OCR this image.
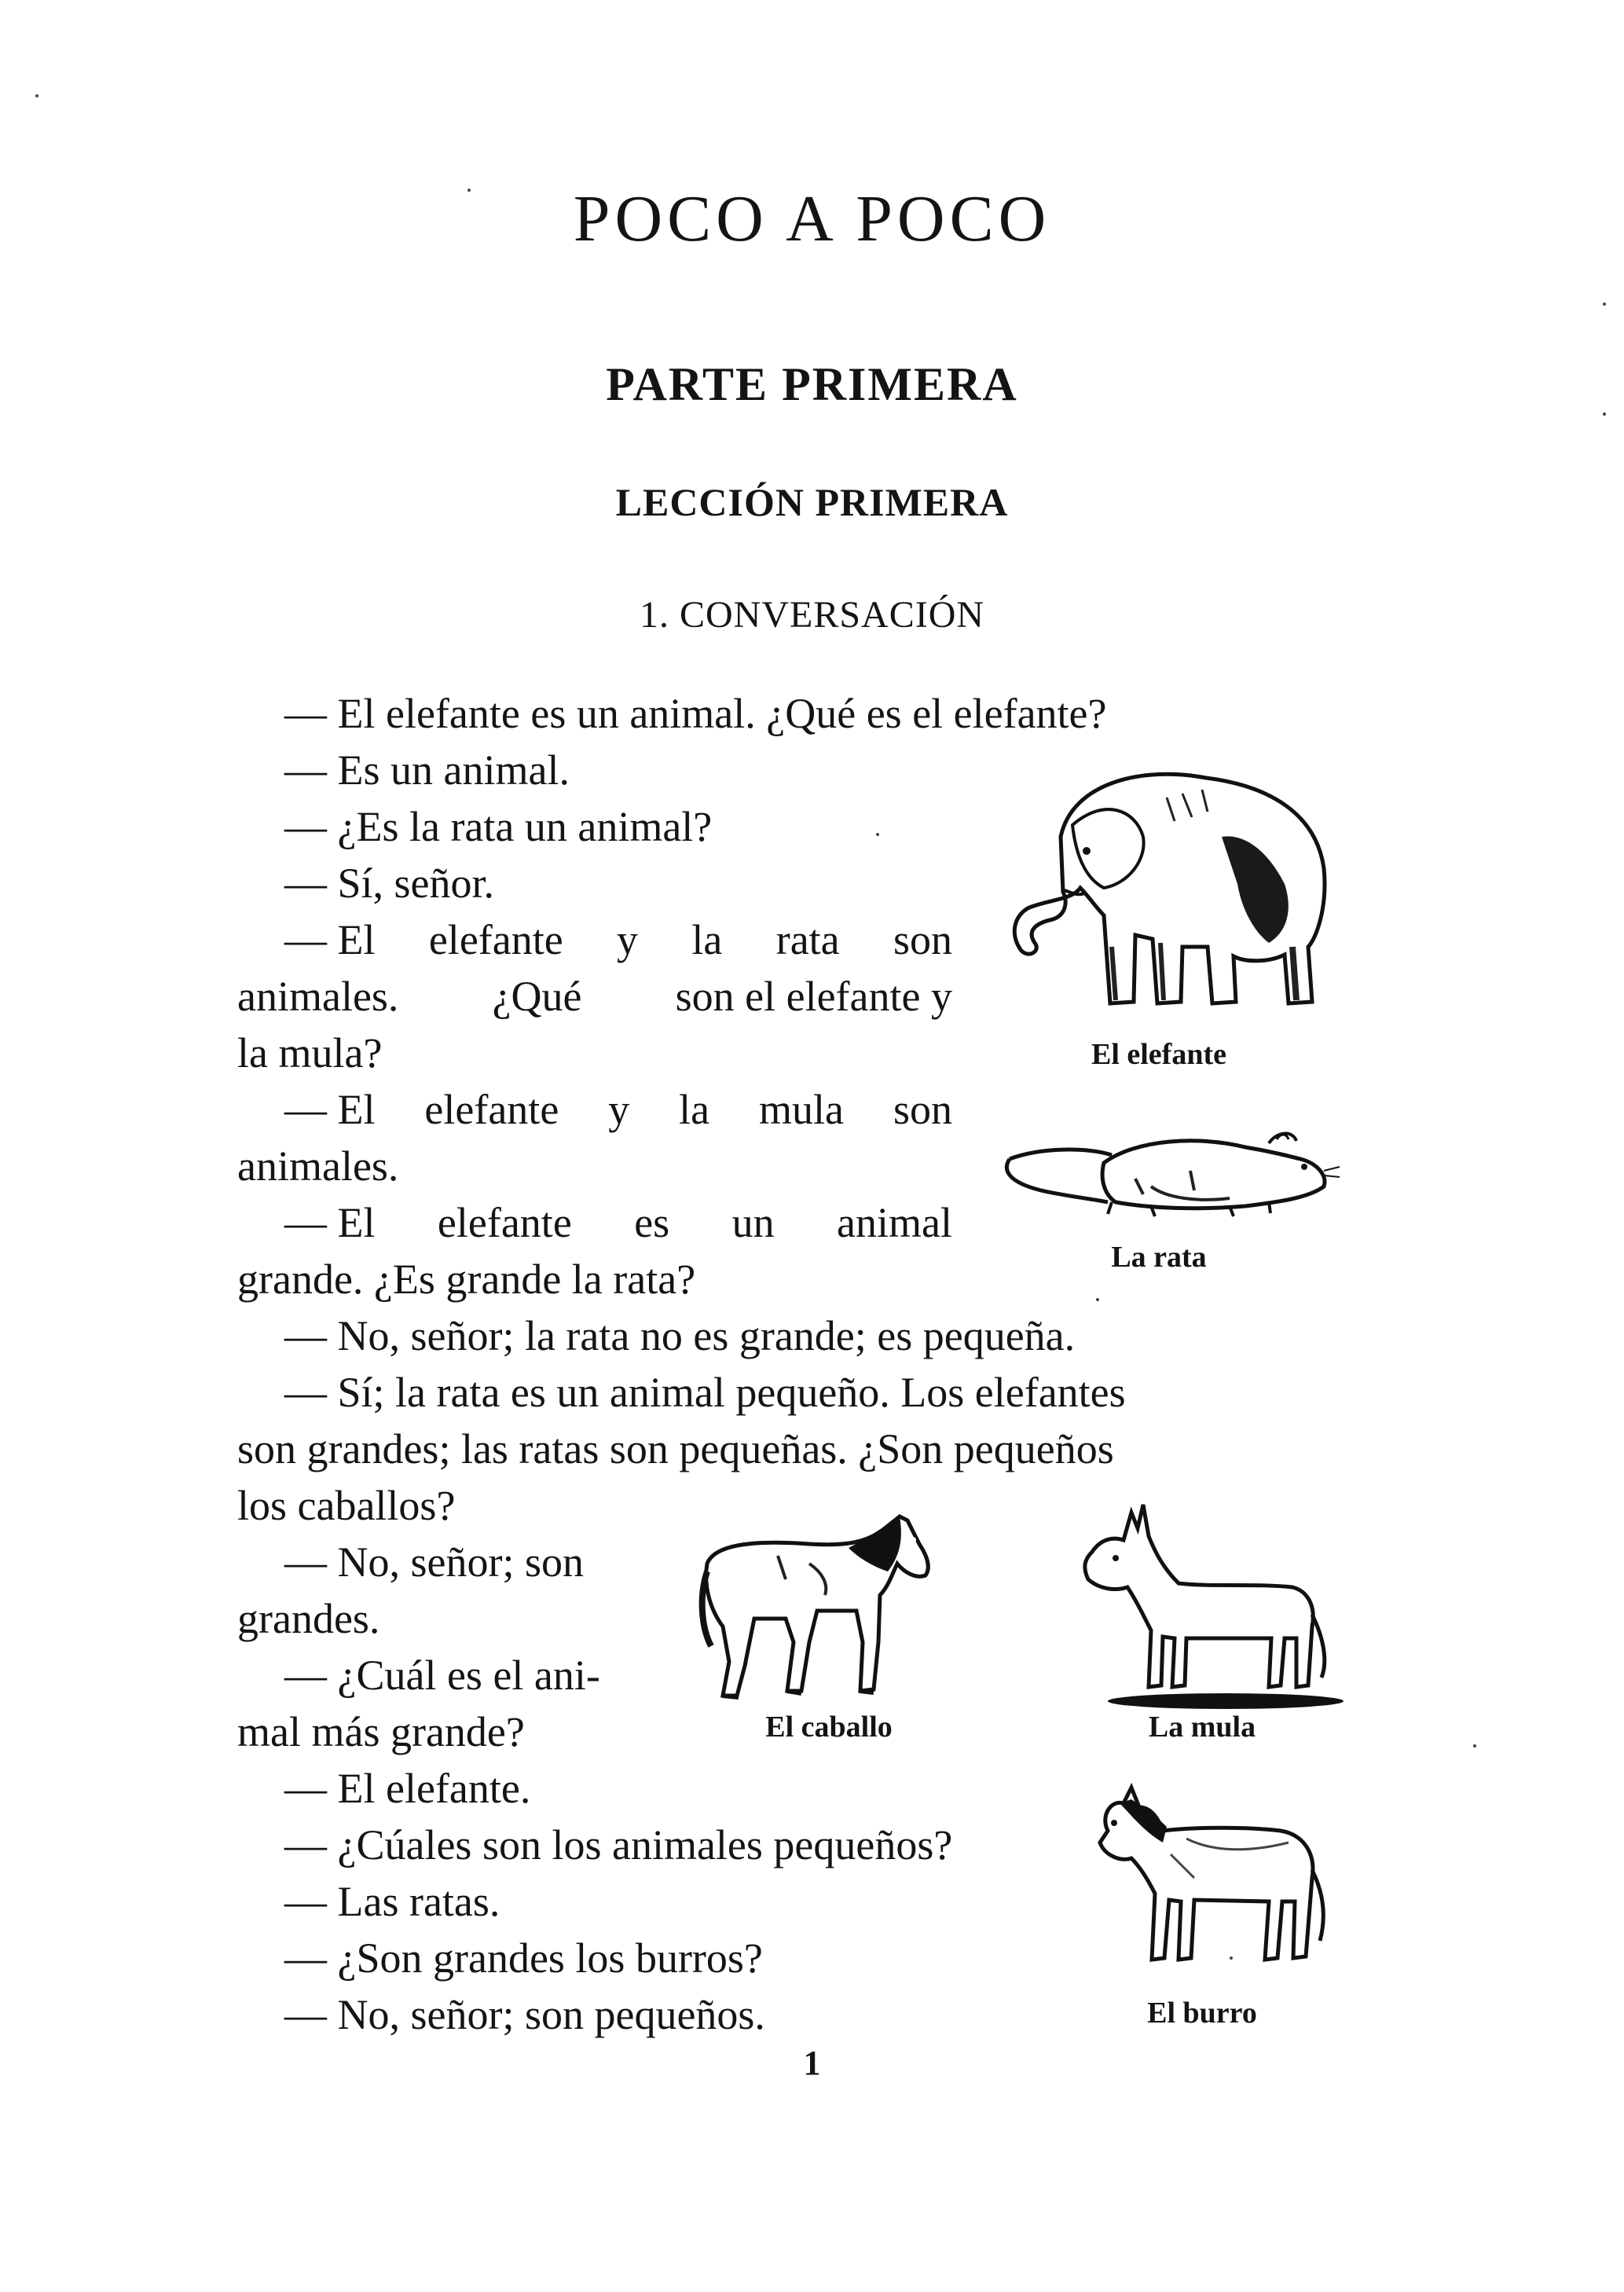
POCO A POCO
PARTE PRIMERA
LECCIÓN PRIMERA
1. CONVERSACIÓN
— El elefante es un animal. ¿Qué es el elefante?
— Es un animal.
— ¿Es la rata un animal?
— Sí, señor.
— El elefante y la rata son
animales. ¿Qué son el elefante y
la mula?
— El elefante y la mula son
animales.
— El elefante es un animal
grande. ¿Es grande la rata?
— No, señor; la rata no es grande; es pequeña.
— Sí; la rata es un animal pequeño. Los elefantes
son grandes; las ratas son pequeñas. ¿Son pequeños
los caballos?
— No, señor; son
grandes.
— ¿Cuál es el ani-
mal más grande?
— El elefante.
— ¿Cúales son los animales pequeños?
— Las ratas.
— ¿Son grandes los burros?
— No, señor; son pequeños.
1
El elefante
La rata
El caballo	La mula
El burro
